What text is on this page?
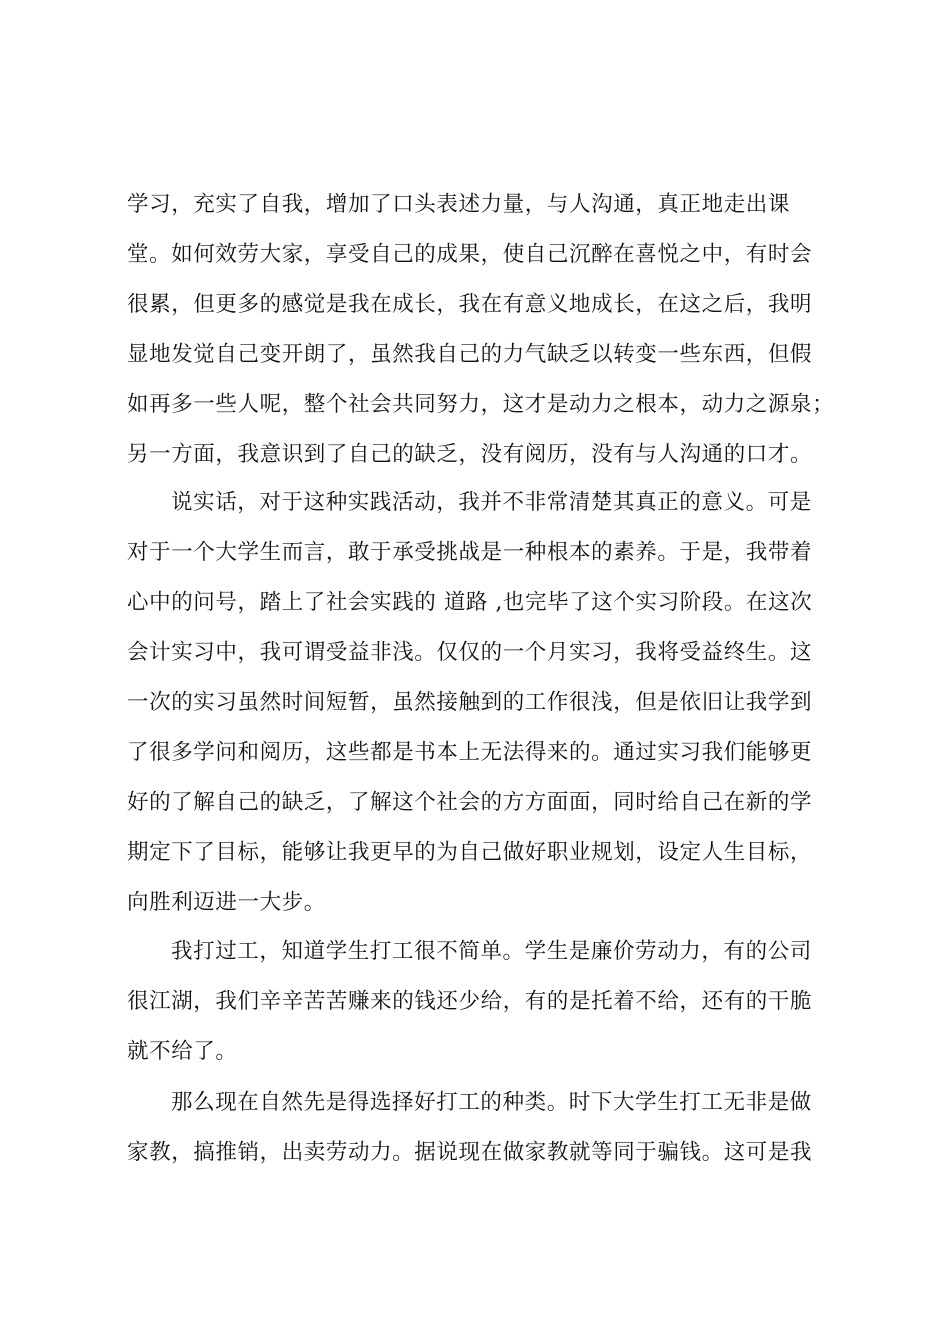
学习，充实了自我，增加了口头表述力量，与人沟通，真正地走出课
堂。如何效劳大家，享受自己的成果，使自己沉醉在喜悦之中，有时会
很累，但更多的感觉是我在成长，我在有意义地成长，在这之后，我明
显地发觉自己变开朗了，虽然我自己的力气缺乏以转变一些东西，但假
如再多一些人呢，整个社会共同努力，这才是动力之根本，动力之源泉；
另一方面，我意识到了自己的缺乏，没有阅历，没有与人沟通的口才。
说实话，对于这种实践活动，我并不非常清楚其真正的意义。可是
对于一个大学生而言，敢于承受挑战是一种根本的素养。于是，我带着
心中的问号，踏上了社会实践的 道路 ,也完毕了这个实习阶段。在这次
会计实习中，我可谓受益非浅。仅仅的一个月实习，我将受益终生。这
一次的实习虽然时间短暂，虽然接触到的工作很浅，但是依旧让我学到
了很多学问和阅历，这些都是书本上无法得来的。通过实习我们能够更
好的了解自己的缺乏，了解这个社会的方方面面，同时给自己在新的学
期定下了目标，能够让我更早的为自己做好职业规划，设定人生目标，
向胜利迈进一大步。
我打过工，知道学生打工很不简单。学生是廉价劳动力，有的公司
很江湖，我们辛辛苦苦赚来的钱还少给，有的是托着不给，还有的干脆
就不给了。
那么现在自然先是得选择好打工的种类。时下大学生打工无非是做
家教，搞推销，出卖劳动力。据说现在做家教就等同于骗钱。这可是我
